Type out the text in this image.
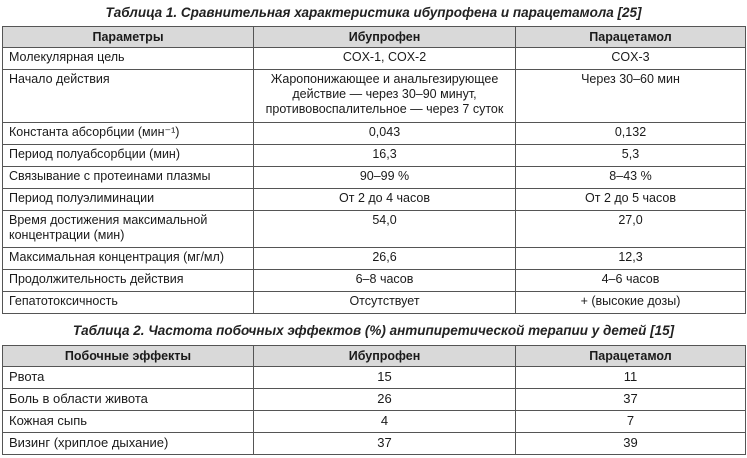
Таблица 1. Сравнительная характеристика ибупрофена и парацетамола [25]
Параметры	Ибупрофен	Парацетамол
Молекулярная цель	COX-1, COX-2	COX-3
Начало действия	Жаропонижающее и анальгезирующее действие — через 30–90 минут, противовоспалительное — через 7 суток	Через 30–60 мин
Константа абсорбции (мин⁻¹)	0,043	0,132
Период полуабсорбции (мин)	16,3	5,3
Связывание с протеинами плазмы	90–99 %	8–43 %
Период полуэлиминации	От 2 до 4 часов	От 2 до 5 часов
Время достижения максимальной концентрации (мин)	54,0	27,0
Максимальная концентрация (мг/мл)	26,6	12,3
Продолжительность действия	6–8 часов	4–6 часов
Гепатотоксичность	Отсутствует	+ (высокие дозы)
Таблица 2. Частота побочных эффектов (%) антипиретической терапии у детей [15]
Побочные эффекты	Ибупрофен	Парацетамол
Рвота	15	11
Боль в области живота	26	37
Кожная сыпь	4	7
Визинг (хриплое дыхание)	37	39
